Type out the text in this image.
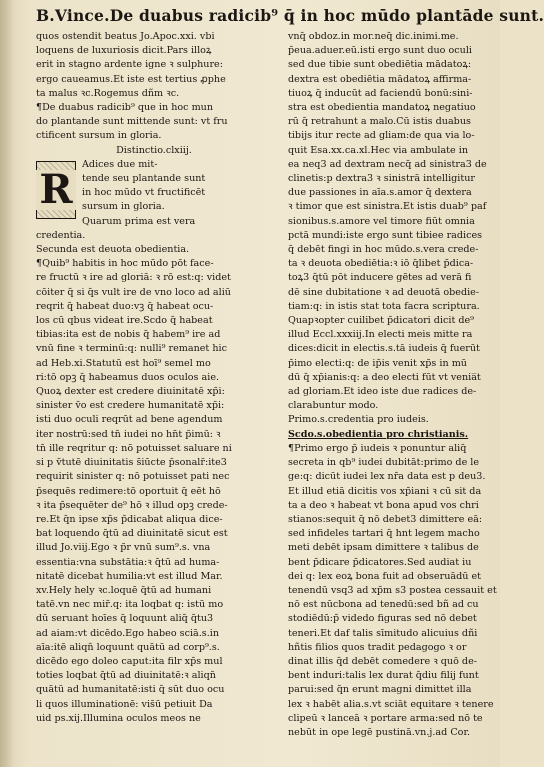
B.Vince.De duabus radicib⁹ q̄ in hoc mūdo plantāde sunt.

quos ostendit beatus Jo.Apoc.xxi. vbi

loquens de luxuriosis dicit.Pars illoꝝ

erit in stagno ardente igne ꝛ sulphure:

ergo caueamus.Et iste est tertius ꝓphe

ta malus ꝛc.Rogemus dñm ꝛc.

¶De duabus radicib⁹ que in hoc mun

do plantande sunt mittende sunt: vt fru

ctificent sursum in gloria.

Distinctio.clxiij.

R

Adices due mit-

tende seu plantande sunt

in hoc mūdo vt fructificēt

sursum in gloria.

Quarum prima est vera

credentia.

Secunda est deuota obedientia.

¶Quib⁹ habitis in hoc mūdo pōt face-

re fructū ꝛ ire ad gloriā: ꝛ rō est:q: videt

cōiter q̄ si q̄s vult ire de vno loco ad aliū

reqrit q̄ habeat duo:vꝫ q̄ habeat ocu-

los cū qbus videat ire.Scdo q̄ habeat

tibias:ita est de nobis q̄ habem⁹ ire ad

vnū fine ꝛ terminū:q: nulli⁹ remanet hic

ad Heb.xi.Statutū est hoī⁹ semel mo

ri:tō opꝫ q̄ habeamus duos oculos aie.

Quoꝝ dexter est credere diuinitatē xp̄i:

sinister v̄o est credere humanitatē xp̄i:

isti duo oculi reqrūt ad bene agendum

iter nostrū:sed tn̄ iudei no hn̄t p̄imū: ꝛ

tn̄ ille reqritur q: nō potuisset saluare ni

si p v̄tutē diuinitatis s̄iūcte p̄sonalr̄:ite3

requirit sinister q: nō potuisset pati nec

p̄sequēs redimere:tō oportuit q̄ eēt hō

ꝛ ita p̄sequēter de⁹ hō ꝛ illud opꝫ crede-

re.Et q̄n ipse xp̄s p̄dicabat aliqua dice-

bat loquendo q̄tū ad diuinitatē sicut est

illud Jo.viij.Ego ꝛ p̄r vnū sum⁹.s. vna

essentia:vna substātia:ꝛ q̄tū ad huma-

nitatē dicebat humilia:vt est illud Mar.

xv.Hely hely ꝛc.loquē q̄tū ad humani

tatē.vn nec mir̄.q: ita loqbat q: istū mo

dū seruant hoīes q̄ loquunt aliq̄ q̄tu3

ad aiam:vt dicēdo.Ego habeo sciā.s.in

aīa:itē aliqn̄ loquunt quātū ad corp⁹.s.

dicēdo ego doleo caput:ita filr xp̄s mul

toties loqbat q̄tū ad diuinitatē:ꝛ aliqn̄

quātū ad humanitatē:isti q̄ sūt duo ocu

li quos illuminationē: vis̄ū petiuit Da

uid ps.xij.Illumina oculos meos ne

vnq̄ obdoz.in mor.neq̄ dic.inimi.me.

p̄eua.aduer.eū.isti ergo sunt duo oculi

sed due tibie sunt obediētia mādatoꝝ:

dextra est obediētia mādatoꝝ affirma-

tiuoꝝ q̄ inducūt ad faciendū bonū:sini-

stra est obedientia mandatoꝝ negatiuo

rū q̄ retrahunt a malo.Cū istis duabus

tibijs itur recte ad gliam:de qua via lo-

quit Esa.xx.ca.xl.Hec via ambulate in

ea neq3 ad dextram necq̄ ad sinistra3 de

clinetis:p dextra3 ꝛ sinistrā intelligitur

due passiones in aīa.s.amor q̄ dextera

ꝛ timor que est sinistra.Et istis duab⁹ paf

sionibus.s.amore vel timore fiūt omnia

pctā mundi:iste ergo sunt tibiee radices

q̄ debēt fingi in hoc mūdo.s.vera crede-

ta ꝛ deuota obediētia:ꝛ iō q̄libet p̄dica-

toꝝ3 q̄tū pōt inducere gētes ad verā fi

dē sine dubitatione ꝛ ad deuotā obedie-

tiam:q: in istis stat tota facra scriptura.

Quapꝛopter cuilibet p̄dicatori dicit de⁹

illud Eccl.xxxiij.In electi meis mitte ra

dices:dicit in electis.s.tā iudeis q̄ fuerūt

p̄imo electi:q: de ip̄is venit xp̄s in mū

dū q̄ xp̄ianis:q: a deo electi fūt vt venia̅t

ad gloriam.Et ideo iste due radices de-

clarabuntur modo.

Primo.s.credentia pro iudeis.

Scdo.s.obedientia pro christianis.

¶Primo ergo p̄ iudeis ꝛ ponuntur aliq̄

secreta in qb⁹ iudei dubitāt:primo de le

ge:q: dicūt iudei lex nr̄a data est p deu3.

Et illud etiā dicitis vos xp̄iani ꝛ cū sit da

ta a deo ꝛ habeat vt bona apud vos chri

stianos:sequit q̄ nō debet3 dimittere eā:

sed infideles tartari q̄ hnt legem macho

meti debēt ipsam dimittere ꝛ talibus de

bent p̄dicare p̄dicatores.Sed audiat iu

dei q: lex eoꝝ bona fuit ad obseruādū et

tenendū vsq3 ad xp̄m s3 postea cessauit et

nō est nūcbona ad tenedū:sed bñ ad cu

stodiēdū:p̄ videdo figuras sed nō debet

teneri.Et daf talis sīmitudo alicuius dñi

hñtis filios quos tradit pedagogo ꝛ or

dinat illis q̄d debēt comedere ꝛ quō de-

bent induri:talis lex durat q̄diu filij funt

parui:sed q̄n erunt magni dimittet illa

lex ꝛ habēt alia.s.vt sciāt equitare ꝛ tenere

clipeū ꝛ lanceā ꝛ portare arma:sed nō te

nebūt in ope legē pustinā.vn.j.ad Cor.
